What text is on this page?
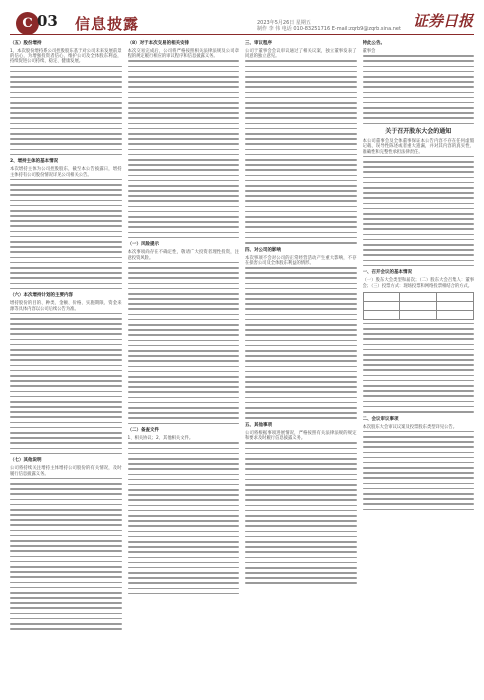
C 03 信息披露	2023年5月26日 星期五
制作 李 伟 电话 010-83251716 E-mail:zqrb9@zqrb.sina.net 证券日报
（五）股份增持
1、本次股份增持系公司控股股东基于对公司未来发展前景的信心，为增强投资者信心，维护公司及全体股东利益，持续促进公司持续、稳定、健康发展。
2、增持主体的基本情况
本次增持主体为公司控股股东，截至本公告披露日，增持主体持有公司股份情况详见公司相关公告。
（六）本次增持计划的主要内容
增持股份的目的、种类、金额、价格、实施期限、资金来源等具体内容以公司后续公告为准。
（七）其他说明
公司将持续关注增持主体增持公司股份的有关情况，及时履行信息披露义务。
（8）对于本次交易的相关安排
本次交易完成后，公司将严格按照相关法律法规及公司章程的规定履行相应的审议程序和信息披露义务。
（一）风险提示
本次事项尚存在不确定性，敬请广大投资者理性投资，注意投资风险。
（二）备查文件
1、相关协议；2、其他相关文件。
三、审议程序
公司于董事会会议审议通过了相关议案，独立董事发表了同意的独立意见。
四、对公司的影响
本次事项不会对公司的正常经营活动产生重大影响，不存在损害公司及全体股东利益的情形。
五、其他事项
公司将根据事项进展情况，严格按照有关法律法规的规定和要求及时履行信息披露义务。
特此公告。
董事会
关于召开股东大会的通知
本公司董事会及全体董事保证本公告内容不存在任何虚假记载、误导性陈述或者重大遗漏，并对其内容的真实性、准确性和完整性承担法律责任。
一、召开会议的基本情况
（一）股东大会类型和届次；（二）股东大会召集人：董事会；（三）投票方式：现场投票和网络投票相结合的方式。

二、会议审议事项
本次股东大会审议议案及投票股东类型详见公告。
